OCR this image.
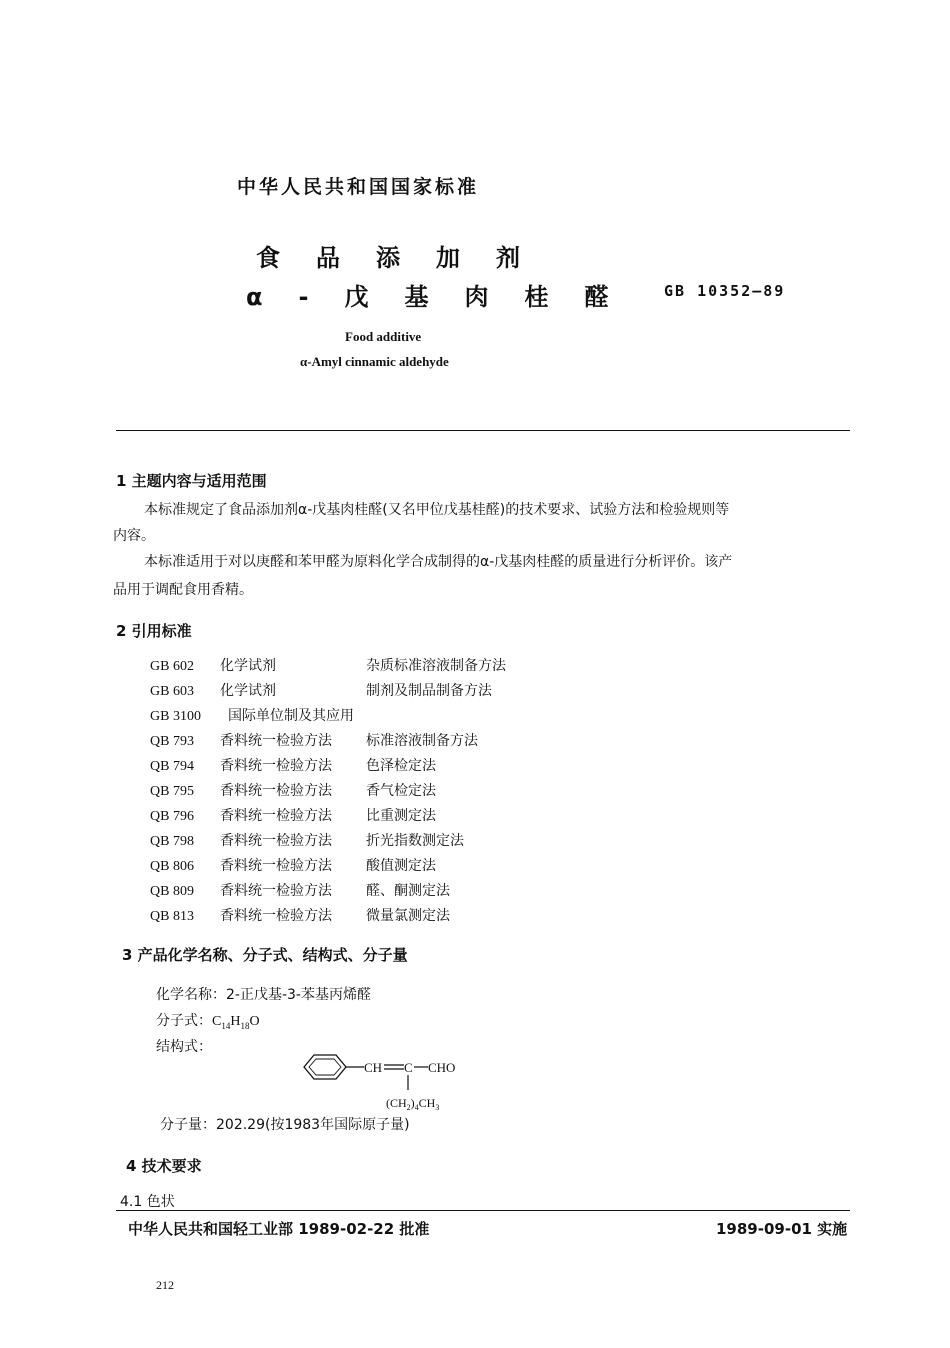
中华人民共和国国家标准
食品添加剂
α-戊基肉桂醛 GB 10352—89
Food additive
α-Amyl cinnamic aldehyde
1 主题内容与适用范围
本标准规定了食品添加剂α-戊基肉桂醛(又名甲位戊基桂醛)的技术要求、试验方法和检验规则等
内容。
本标准适用于对以庚醛和苯甲醛为原料化学合成制得的α-戊基肉桂醛的质量进行分析评价。该产
品用于调配食用香精。
2 引用标准
GB 602 化学试剂	杂质标准溶液制备方法
GB 603 化学试剂	制剂及制品制备方法
GB 3100 国际单位制及其应用
QB 793 香料统一检验方法 标准溶液制备方法
QB 794 香料统一检验方法 色泽检定法
QB 795 香料统一检验方法 香气检定法
QB 796 香料统一检验方法 比重测定法
QB 798 香料统一检验方法 折光指数测定法
QB 806 香料统一检验方法 酸值测定法
QB 809 香料统一检验方法 醛、酮测定法
QB 813 香料统一检验方法 微量氯测定法
3 产品化学名称、分子式、结构式、分子量
化学名称：2-正戊基-3-苯基丙烯醛
分子式：$C_{14}H_{18}O$
结构式：
CH C CHO
$(CH_2)_4CH_3$
分子量：202.29(按1983年国际原子量)
4 技术要求
4.1 色状
中华人民共和国轻工业部 1989-02-22 批准	1989-09-01 实施
212
